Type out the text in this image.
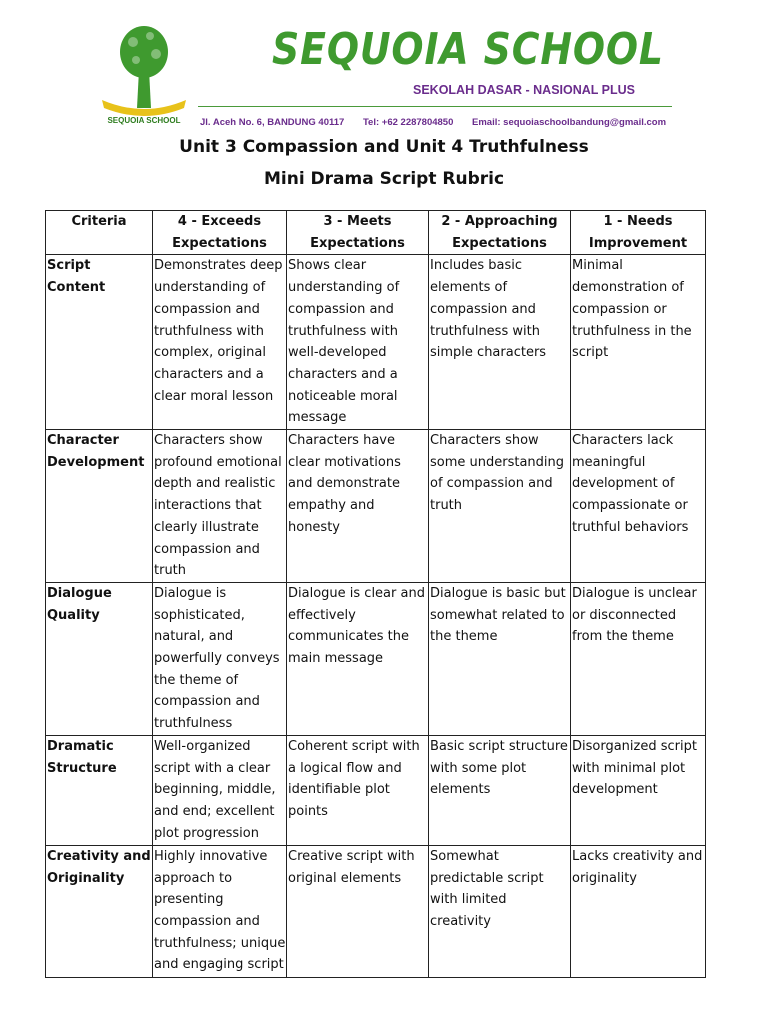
SEQUOIA SCHOOL
SEQUOIA SCHOOL
SEKOLAH DASAR - NASIONAL PLUS
Jl. Aceh No. 6, BANDUNG 40117 Tel: +62 2287804850 Email: sequoiaschoolbandung@gmail.com
Unit 3 Compassion and Unit 4 Truthfulness
Mini Drama Script Rubric
Criteria	4 - Exceeds Expectations	3 - Meets Expectations	2 - Approaching Expectations	1 - Needs Improvement
Script Content	Demonstrates deep understanding of compassion and truthfulness with complex, original characters and a clear moral lesson	Shows clear understanding of compassion and truthfulness with well-developed characters and a noticeable moral message	Includes basic elements of compassion and truthfulness with simple characters	Minimal demonstration of compassion or truthfulness in the script
Character Development	Characters show profound emotional depth and realistic interactions that clearly illustrate compassion and truth	Characters have clear motivations and demonstrate empathy and honesty	Characters show some understanding of compassion and truth	Characters lack meaningful development of compassionate or truthful behaviors
Dialogue Quality	Dialogue is sophisticated, natural, and powerfully conveys the theme of compassion and truthfulness	Dialogue is clear and effectively communicates the main message	Dialogue is basic but somewhat related to the theme	Dialogue is unclear or disconnected from the theme
Dramatic Structure	Well-organized script with a clear beginning, middle, and end; excellent plot progression	Coherent script with a logical flow and identifiable plot points	Basic script structure with some plot elements	Disorganized script with minimal plot development
Creativity and Originality	Highly innovative approach to presenting compassion and truthfulness; unique and engaging script	Creative script with original elements	Somewhat predictable script with limited creativity	Lacks creativity and originality
